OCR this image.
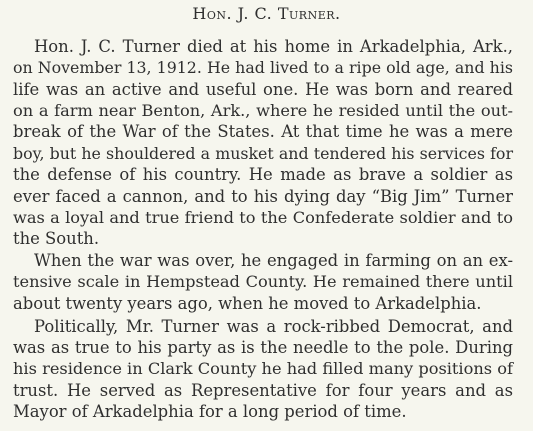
Hon. J. C. Turner.
Hon. J. C. Turner died at his home in Arkadelphia, Ark.,
on November 13, 1912. He had lived to a ripe old age, and his
life was an active and useful one. He was born and reared
on a farm near Benton, Ark., where he resided until the out-
break of the War of the States. At that time he was a mere
boy, but he shouldered a musket and tendered his services for
the defense of his country. He made as brave a soldier as
ever faced a cannon, and to his dying day “Big Jim” Turner
was a loyal and true friend to the Confederate soldier and to
the South.
When the war was over, he engaged in farming on an ex-
tensive scale in Hempstead County. He remained there until
about twenty years ago, when he moved to Arkadelphia.
Politically, Mr. Turner was a rock-ribbed Democrat, and
was as true to his party as is the needle to the pole. During
his residence in Clark County he had filled many positions of
trust. He served as Representative for four years and as
Mayor of Arkadelphia for a long period of time.
